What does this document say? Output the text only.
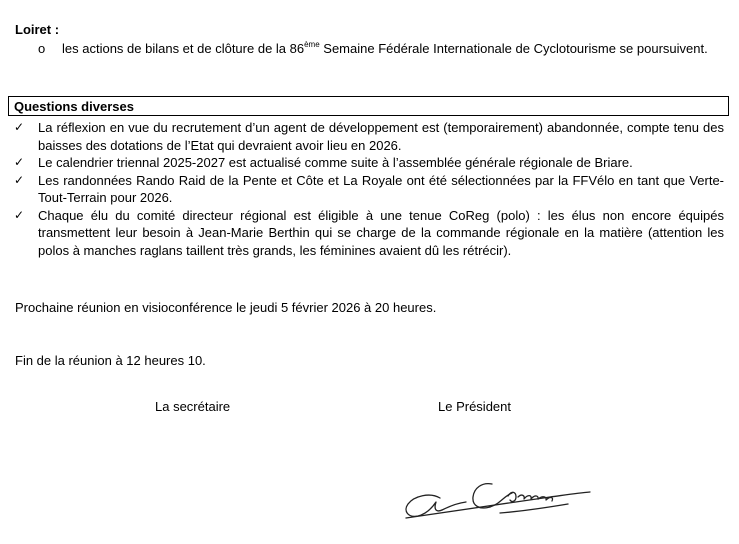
Loiret :
o les actions de bilans et de clôture de la 86ème Semaine Fédérale Internationale de Cyclotourisme se poursuivent.
Questions diverses
✓ La réflexion en vue du recrutement d’un agent de développement est (temporairement) abandonnée, compte tenu des baisses des dotations de l’Etat qui devraient avoir lieu en 2026.
✓ Le calendrier triennal 2025-2027 est actualisé comme suite à l’assemblée générale régionale de Briare.
✓ Les randonnées Rando Raid de la Pente et Côte et La Royale ont été sélectionnées par la FFVélo en tant que Verte-Tout-Terrain pour 2026.
✓ Chaque élu du comité directeur régional est éligible à une tenue CoReg (polo) : les élus non encore équipés transmettent leur besoin à Jean-Marie Berthin qui se charge de la commande régionale en la matière (attention les polos à manches raglans taillent très grands, les féminines avaient dû les rétrécir).
Prochaine réunion en visioconférence le jeudi 5 février 2026 à 20 heures.
Fin de la réunion à 12 heures 10.
La secrétaire	Le Président
